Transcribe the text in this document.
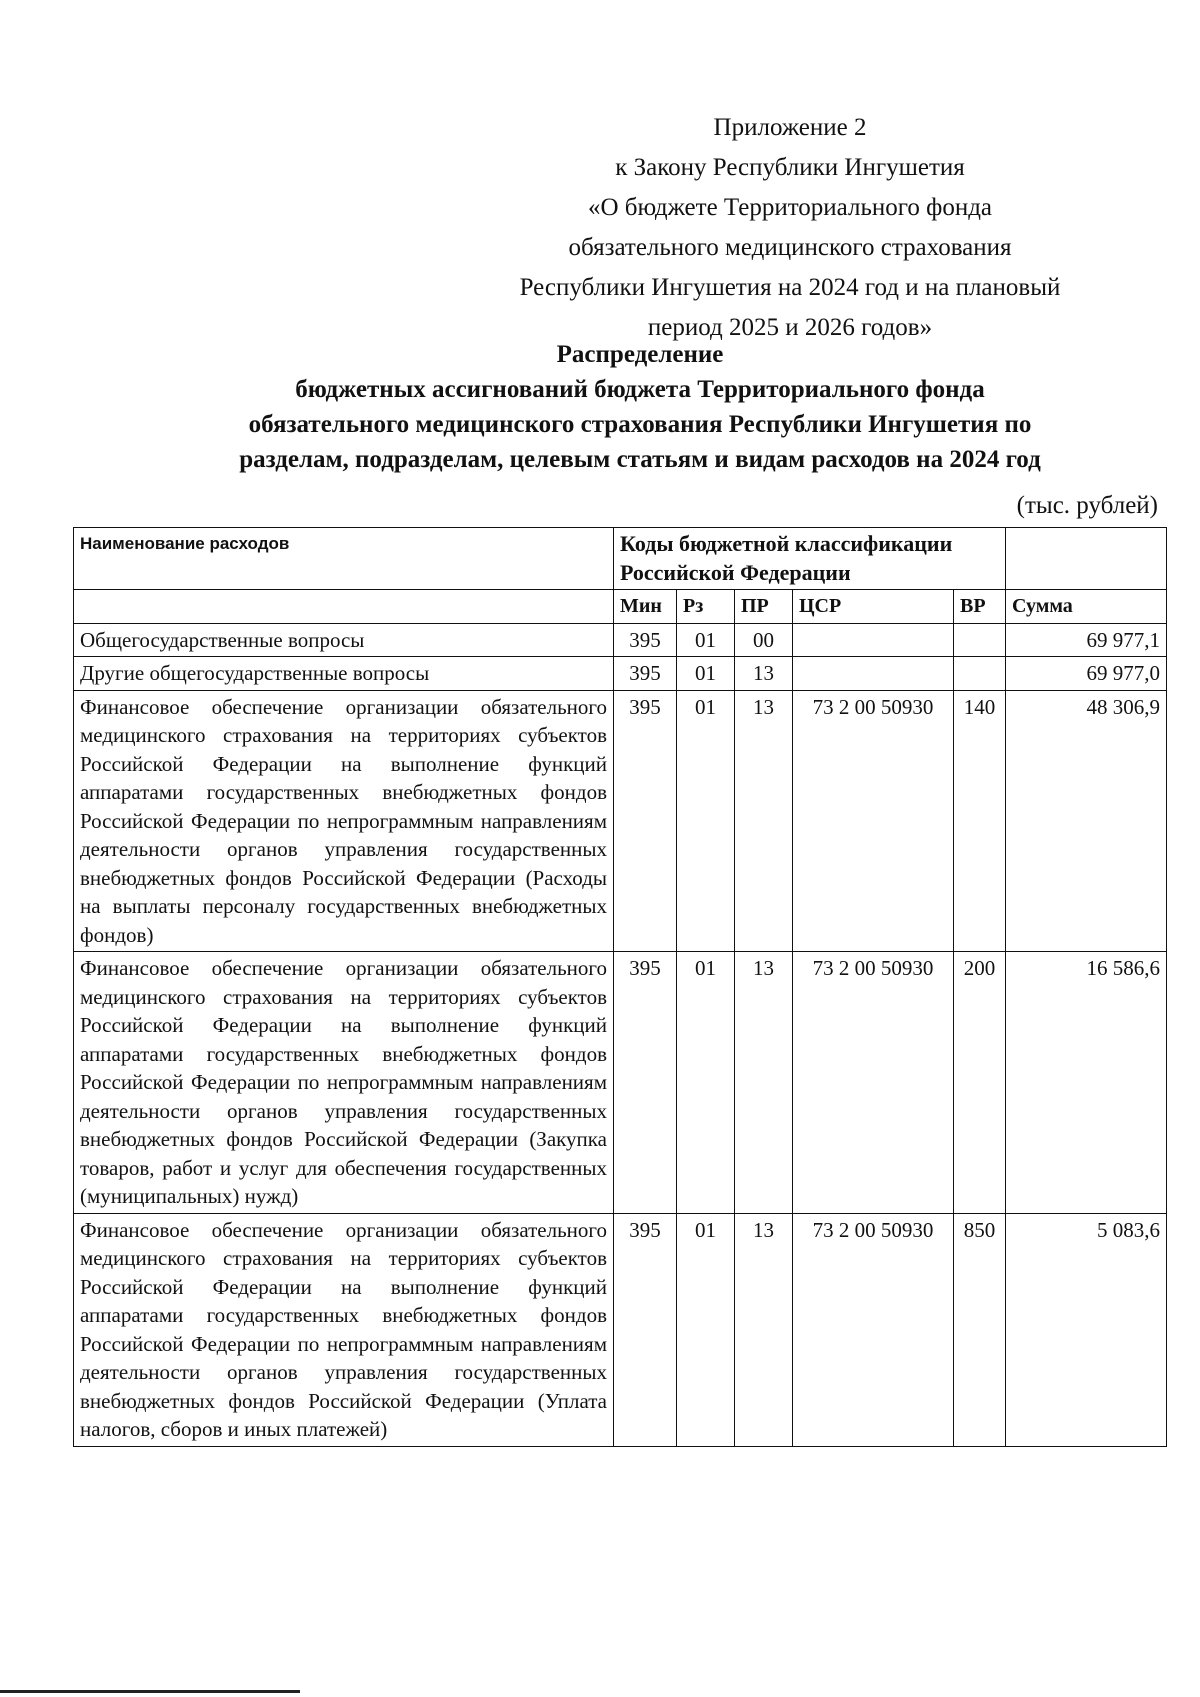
Приложение 2
к Закону Республики Ингушетия
«О бюджете Территориального фонда
обязательного медицинского страхования
Республики Ингушетия на 2024 год и на плановый
период 2025 и 2026 годов»
Распределение
бюджетных ассигнований бюджета Территориального фонда
обязательного медицинского страхования Республики Ингушетия по
разделам, подразделам, целевым статьям и видам расходов на 2024 год
(тыс. рублей)
Наименование расходов	Коды бюджетной классификации Российской Федерации					
	Мин	Рз	ПР	ЦСР	ВР	Сумма
Общегосударственные вопросы	395	01	00			69 977,1
Другие общегосударственные вопросы	395	01	13			69 977,0
Финансовое обеспечение организации обязательного медицинского страхования на территориях субъектов Российской Федерации на выполнение функций аппаратами государственных внебюджетных фондов Российской Федерации по непрограммным направлениям деятельности органов управления государственных внебюджетных фондов Российской Федерации (Расходы на выплаты персоналу государственных внебюджетных фондов)	395	01	13	73 2 00 50930	140	48 306,9
Финансовое обеспечение организации обязательного медицинского страхования на территориях субъектов Российской Федерации на выполнение функций аппаратами государственных внебюджетных фондов Российской Федерации по непрограммным направлениям деятельности органов управления государственных внебюджетных фондов Российской Федерации (Закупка товаров, работ и услуг для обеспечения государственных (муниципальных) нужд)	395	01	13	73 2 00 50930	200	16 586,6
Финансовое обеспечение организации обязательного медицинского страхования на территориях субъектов Российской Федерации на выполнение функций аппаратами государственных внебюджетных фондов Российской Федерации по непрограммным направлениям деятельности органов управления государственных внебюджетных фондов Российской Федерации (Уплата налогов, сборов и иных платежей)	395	01	13	73 2 00 50930	850	5 083,6
